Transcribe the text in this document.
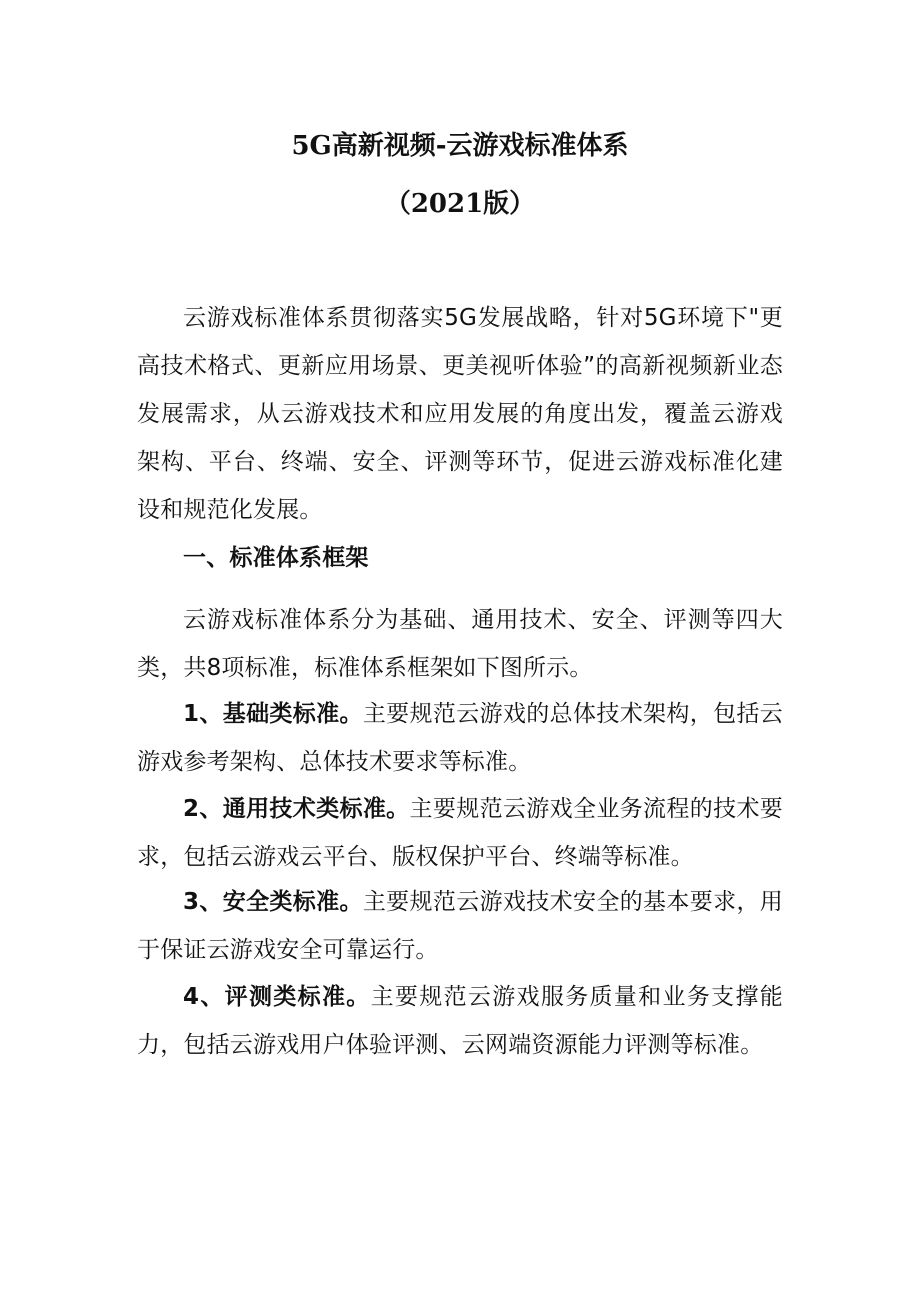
5G高新视频-云游戏标准体系
（2021版）

云游戏标准体系贯彻落实5G发展战略，针对5G环境下"更高技术格式、更新应用场景、更美视听体验”的高新视频新业态发展需求，从云游戏技术和应用发展的角度出发，覆盖云游戏架构、平台、终端、安全、评测等环节，促进云游戏标准化建设和规范化发展。

一、标准体系框架

云游戏标准体系分为基础、通用技术、安全、评测等四大类，共8项标准，标准体系框架如下图所示。

1、基础类标准。主要规范云游戏的总体技术架构，包括云游戏参考架构、总体技术要求等标准。

2、通用技术类标准。主要规范云游戏全业务流程的技术要求，包括云游戏云平台、版权保护平台、终端等标准。

3、安全类标准。主要规范云游戏技术安全的基本要求，用于保证云游戏安全可靠运行。

4、评测类标准。主要规范云游戏服务质量和业务支撑能力，包括云游戏用户体验评测、云网端资源能力评测等标准。
